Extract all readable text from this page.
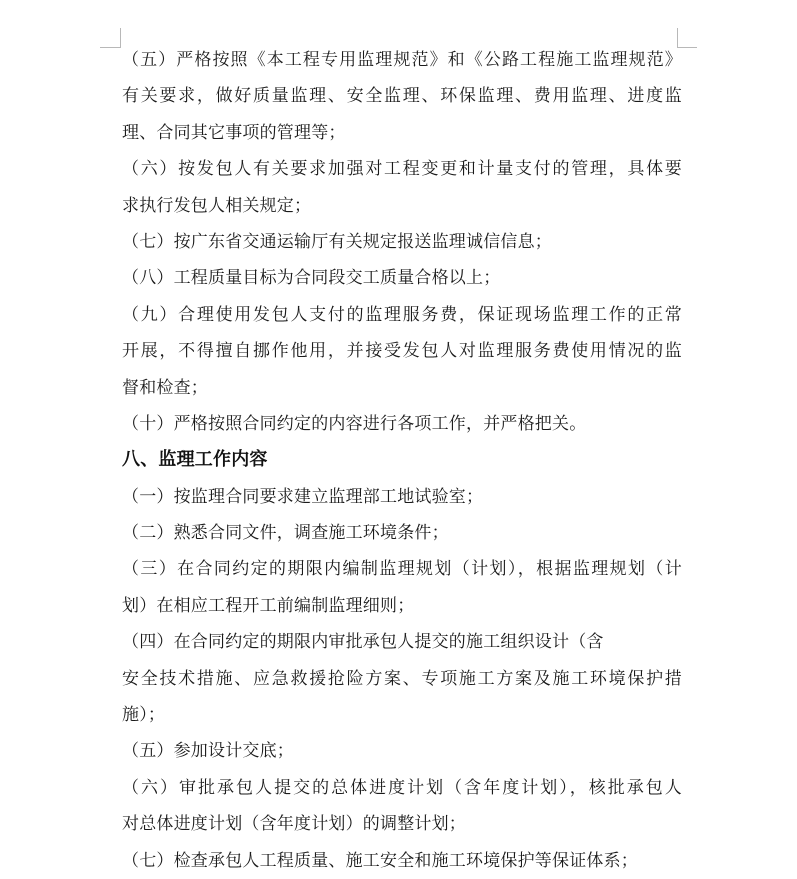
（五）严格按照《本工程专用监理规范》和《公路工程施工监理规范》
有关要求，做好质量监理、安全监理、环保监理、费用监理、进度监
理、合同其它事项的管理等；
（六）按发包人有关要求加强对工程变更和计量支付的管理，具体要
求执行发包人相关规定；
（七）按广东省交通运输厅有关规定报送监理诚信信息；
（八）工程质量目标为合同段交工质量合格以上；
（九）合理使用发包人支付的监理服务费，保证现场监理工作的正常
开展，不得擅自挪作他用，并接受发包人对监理服务费使用情况的监
督和检查；
（十）严格按照合同约定的内容进行各项工作，并严格把关。
八、监理工作内容
（一）按监理合同要求建立监理部工地试验室；
（二）熟悉合同文件，调查施工环境条件；
（三）在合同约定的期限内编制监理规划（计划），根据监理规划（计
划）在相应工程开工前编制监理细则；
（四）在合同约定的期限内审批承包人提交的施工组织设计（含
安全技术措施、应急救援抢险方案、专项施工方案及施工环境保护措
施）；
（五）参加设计交底；
（六）审批承包人提交的总体进度计划（含年度计划），核批承包人
对总体进度计划（含年度计划）的调整计划；
（七）检查承包人工程质量、施工安全和施工环境保护等保证体系；
